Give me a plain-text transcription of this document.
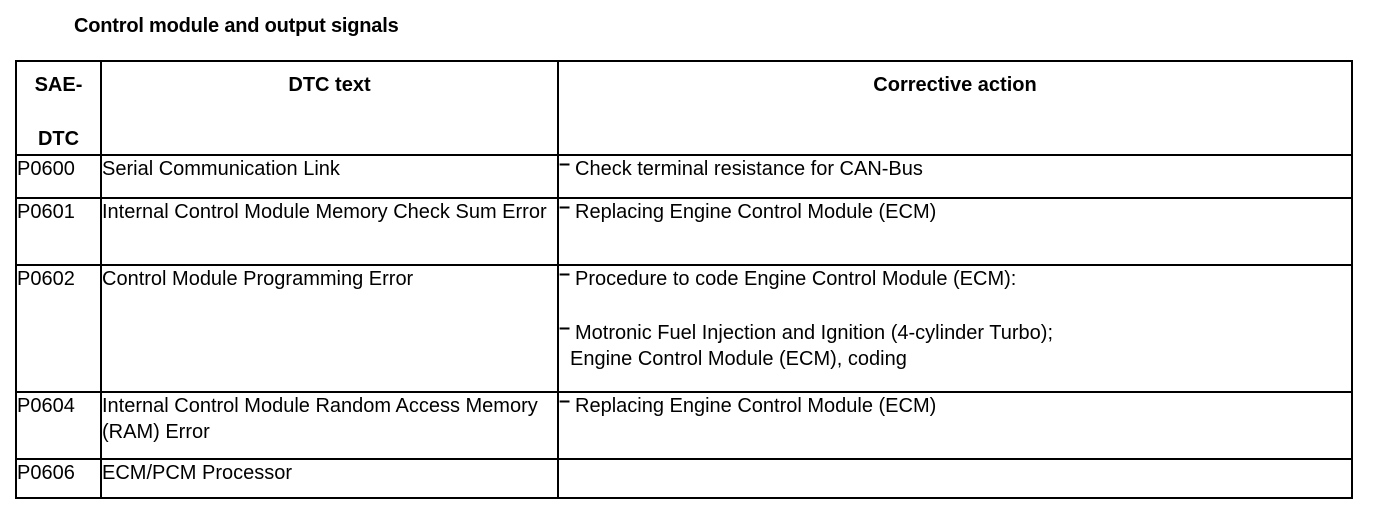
Control module and output signals
SAE-
DTC	DTC text	Corrective action

P0600	Serial Communication Link	– Check terminal resistance for CAN-Bus

P0601	Internal Control Module Memory Check Sum Error	– Replacing Engine Control Module (ECM)

P0602	Control Module Programming Error	– Procedure to code Engine Control Module (ECM):
– Motronic Fuel Injection and Ignition (4-cylinder Turbo);
Engine Control Module (ECM), coding

P0604	Internal Control Module Random Access Memory (RAM) Error	– Replacing Engine Control Module (ECM)

P0606	ECM/PCM Processor	
